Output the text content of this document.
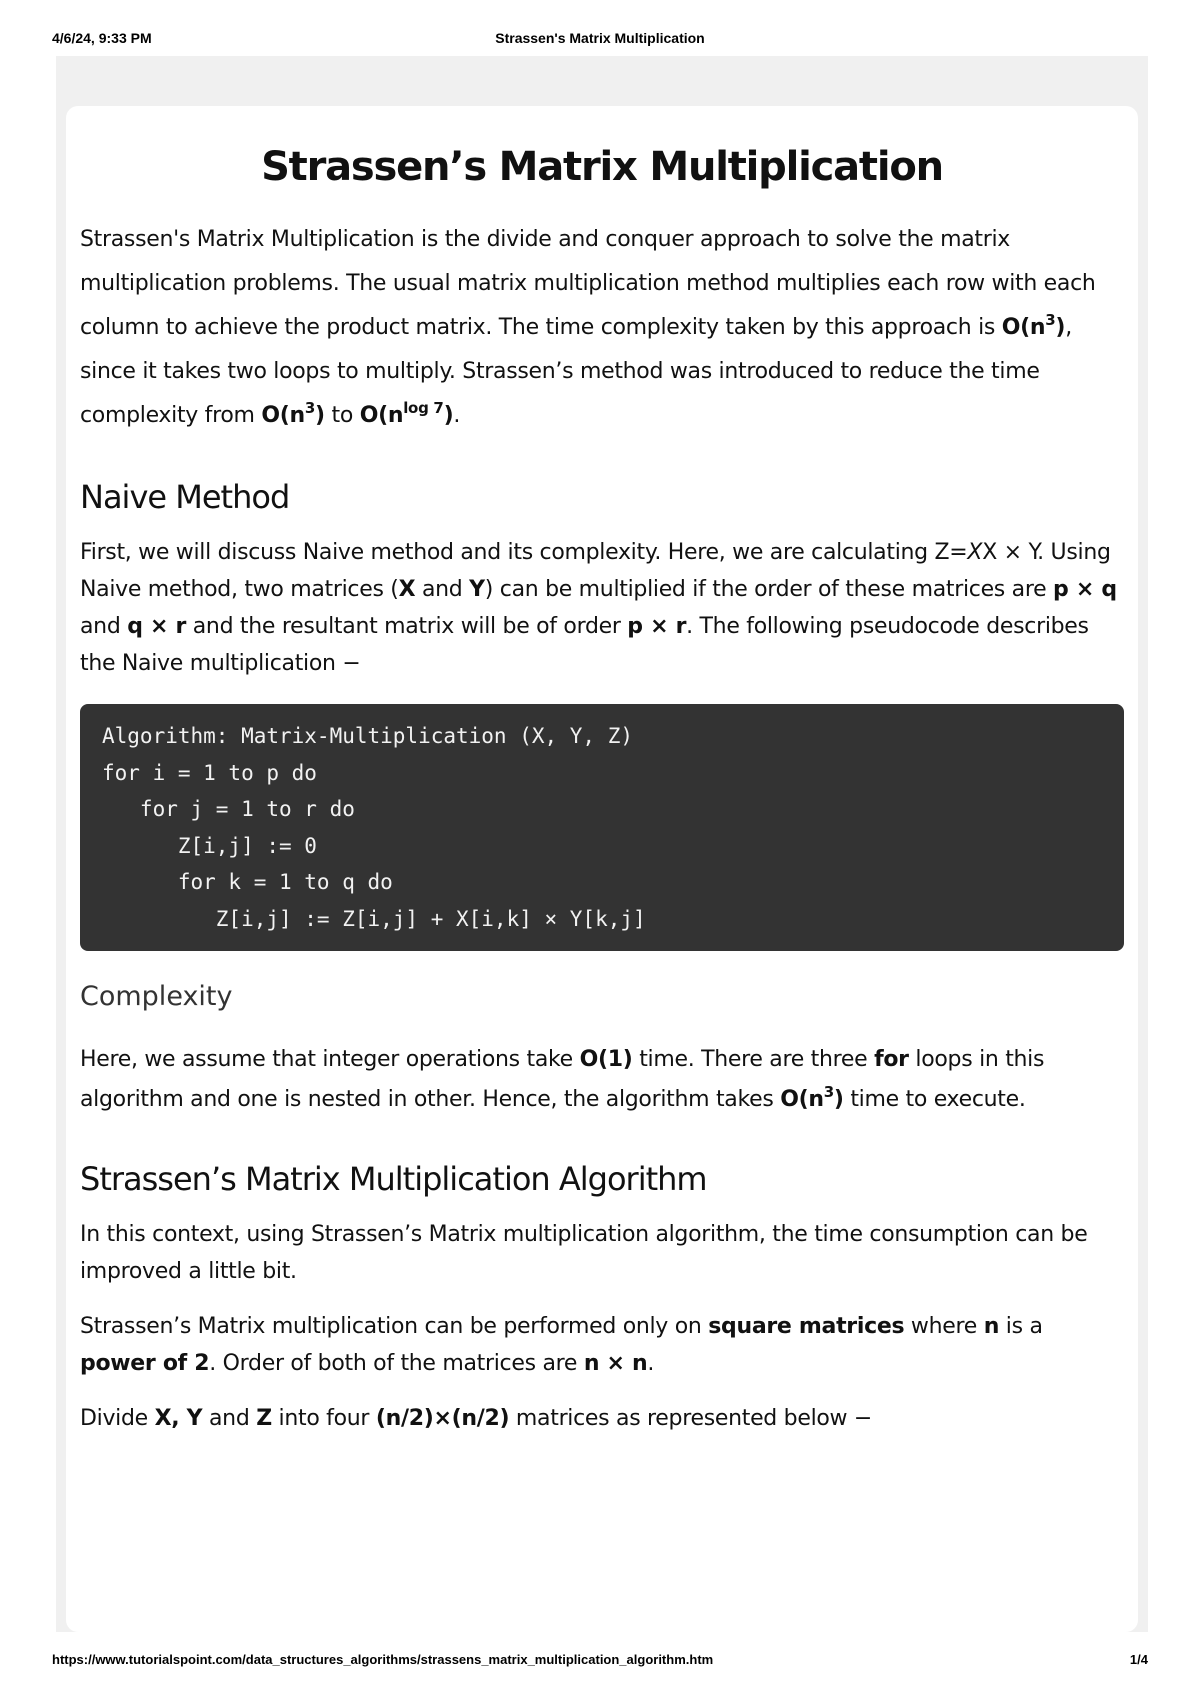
4/6/24, 9:33 PM	Strassen's Matrix Multiplication
Strassen’s Matrix Multiplication

Strassen's Matrix Multiplication is the divide and conquer approach to solve the matrix multiplication problems. The usual matrix multiplication method multiplies each row with each column to achieve the product matrix. The time complexity taken by this approach is $O(n^3)$, since it takes two loops to multiply. Strassen’s method was introduced to reduce the time complexity from $O(n^3)$ to $O(n^{log 7})$.

Naive Method

First, we will discuss Naive method and its complexity. Here, we are calculating Z=XX × Y. Using Naive method, two matrices (X and Y) can be multiplied if the order of these matrices are p × q and q × r and the resultant matrix will be of order p × r. The following pseudocode describes the Naive multiplication −

Algorithm: Matrix-Multiplication (X, Y, Z)
for i = 1 to p do
for j = 1 to r do
Z[i,j] := 0
for k = 1 to q do
Z[i,j] := Z[i,j] + X[i,k] × Y[k,j]
Complexity

Here, we assume that integer operations take O(1) time. There are three for loops in this algorithm and one is nested in other. Hence, the algorithm takes $O(n^3)$ time to execute.

Strassen’s Matrix Multiplication Algorithm

In this context, using Strassen’s Matrix multiplication algorithm, the time consumption can be improved a little bit.

Strassen’s Matrix multiplication can be performed only on square matrices where n is a power of 2. Order of both of the matrices are n × n.

Divide X, Y and Z into four (n/2)×(n/2) matrices as represented below −

https://www.tutorialspoint.com/data_structures_algorithms/strassens_matrix_multiplication_algorithm.htm	1/4
